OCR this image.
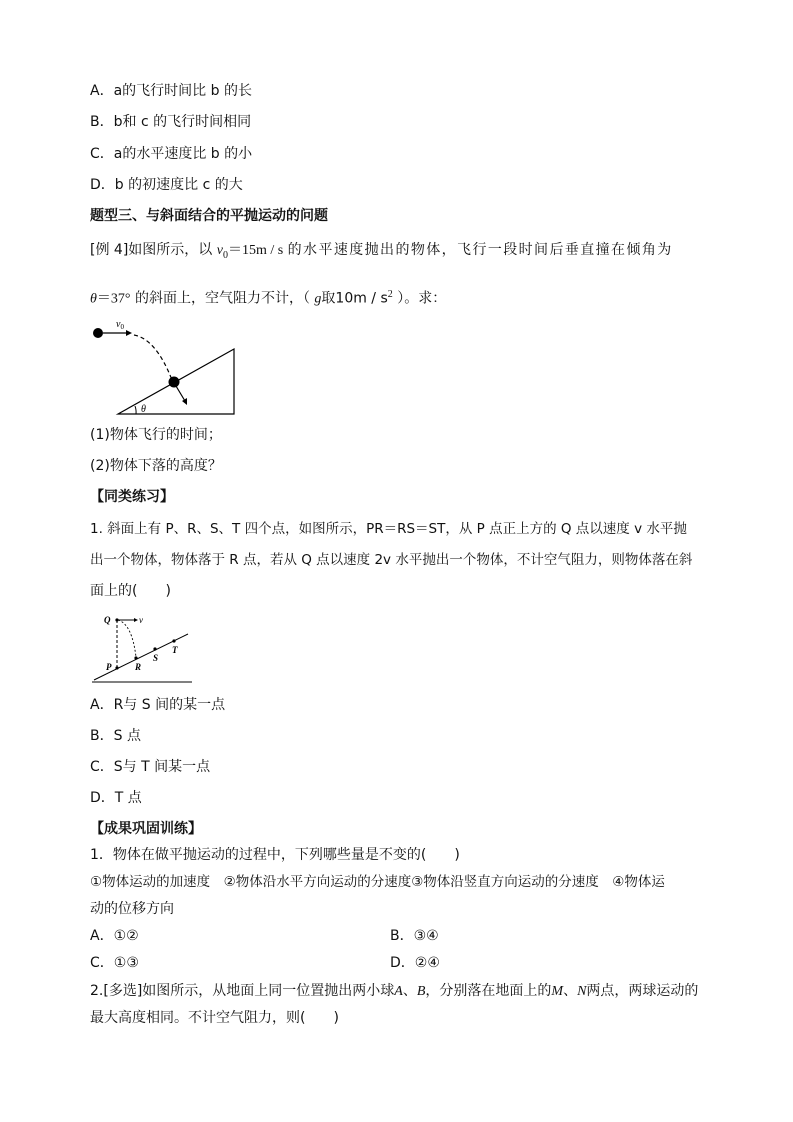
A．a的飞行时间比 b 的长
B．b和 c 的飞行时间相同
C．a的水平速度比 b 的小
D．b 的初速度比 c 的大
题型三、与斜面结合的平抛运动的问题
[例 4]如图所示，以 $v_0=15m / s$ 的水平速度抛出的物体，飞行一段时间后垂直撞在倾角为
θ＝37° 的斜面上，空气阻力不计，（ g取$10m / s^2$ ）。求：
$v_0$
θ
(1)物体飞行的时间；
(2)物体下落的高度？
【同类练习】
1. 斜面上有 P、R、S、T 四个点，如图所示，PR＝RS＝ST，从 P 点正上方的 Q 点以速度 v 水平抛
出一个物体，物体落于 R 点，若从 Q 点以速度 2v 水平抛出一个物体，不计空气阻力，则物体落在斜
面上的(　　)
Q	v
P	R
S
T
A．R与 S 间的某一点
B．S 点
C．S与 T 间某一点
D．T 点
【成果巩固训练】
1．物体在做平抛运动的过程中，下列哪些量是不变的(　　)
①物体运动的加速度　②物体沿水平方向运动的分速度③物体沿竖直方向运动的分速度　④物体运
动的位移方向
A．①②	B．③④
C．①③	D．②④
2.[多选]如图所示，从地面上同一位置抛出两小球A、B，分别落在地面上的M、N两点，两球运动的
最大高度相同。不计空气阻力，则(　　)
